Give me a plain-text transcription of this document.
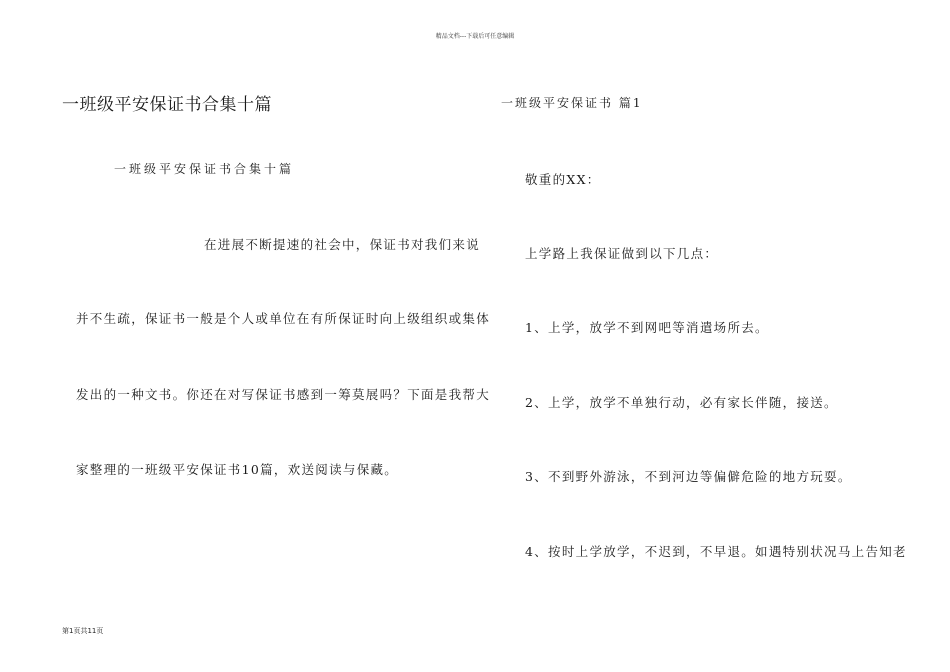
精品文档---下载后可任意编辑
一班级平安保证书合集十篇
一班级平安保证书合集十篇
在进展不断提速的社会中，保证书对我们来说
并不生疏，保证书一般是个人或单位在有所保证时向上级组织或集体
发出的一种文书。你还在对写保证书感到一筹莫展吗？下面是我帮大
家整理的一班级平安保证书10篇，欢送阅读与保藏。
一班级平安保证书 篇1
敬重的XX：
上学路上我保证做到以下几点：
1、上学，放学不到网吧等消遣场所去。
2、上学，放学不单独行动，必有家长伴随，接送。
3、不到野外游泳，不到河边等偏僻危险的地方玩耍。
4、按时上学放学，不迟到，不早退。如遇特别状况马上告知老
第1页共11页
